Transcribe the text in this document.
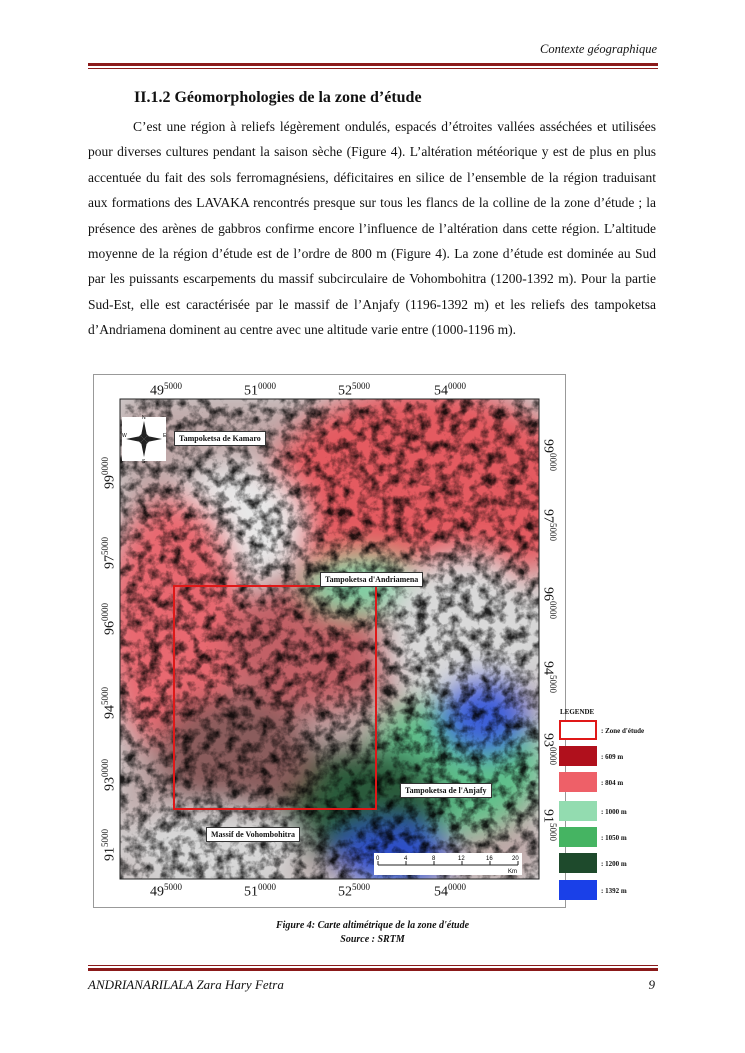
Contexte géographique
II.1.2 Géomorphologies de la zone d’étude
C’est une région à reliefs légèrement ondulés, espacés d’étroites vallées asséchées et utilisées pour diverses cultures pendant la saison sèche (Figure 4). L’altération météorique y est de plus en plus accentuée du fait des sols ferromagnésiens, déficitaires en silice de l’ensemble de la région traduisant aux formations des LAVAKA rencontrés presque sur tous les flancs de la colline de la zone d’étude ; la présence des arènes de gabbros confirme encore l’influence de l’altération dans cette région. L’altitude moyenne de la région d’étude est de l’ordre de 800 m (Figure 4). La zone d’étude est dominée au Sud par les puissants escarpements du massif subcirculaire de Vohombohitra (1200-1392 m). Pour la partie Sud-Est, elle est caractérisée par le massif de l’Anjafy (1196-1392 m) et les reliefs des tampoketsa d’Andriamena dominent au centre avec une altitude varie entre (1000-1196 m).
N
S
E
W
0	4	8	12	16	20
Km
Tampoketsa de Kamaro
Tampoketsa d'Andriamena
Tampoketsa de l'Anjafy
Massif de Vohombohitra
$49^{5000}$	$51^{0000}$	$52^{5000}$	$54^{0000}$
$49^{5000}$	$51^{0000}$	$52^{5000}$	$54^{0000}$
$99^{0000}$
$97^{5000}$
$96^{0000}$
$94^{5000}$
$93^{0000}$
$91^{5000}$
$99^{0000}$
$97^{5000}$
$96^{0000}$
$94^{5000}$
$93^{0000}$
$91^{5000}$
LEGENDE
: Zone d'étude
: 609 m
: 804 m
: 1000 m
: 1050 m
: 1200 m
: 1392 m
Figure 4: Carte altimétrique de la zone d'étude
Source : SRTM
ANDRIANARILALA Zara Hary Fetra	9
